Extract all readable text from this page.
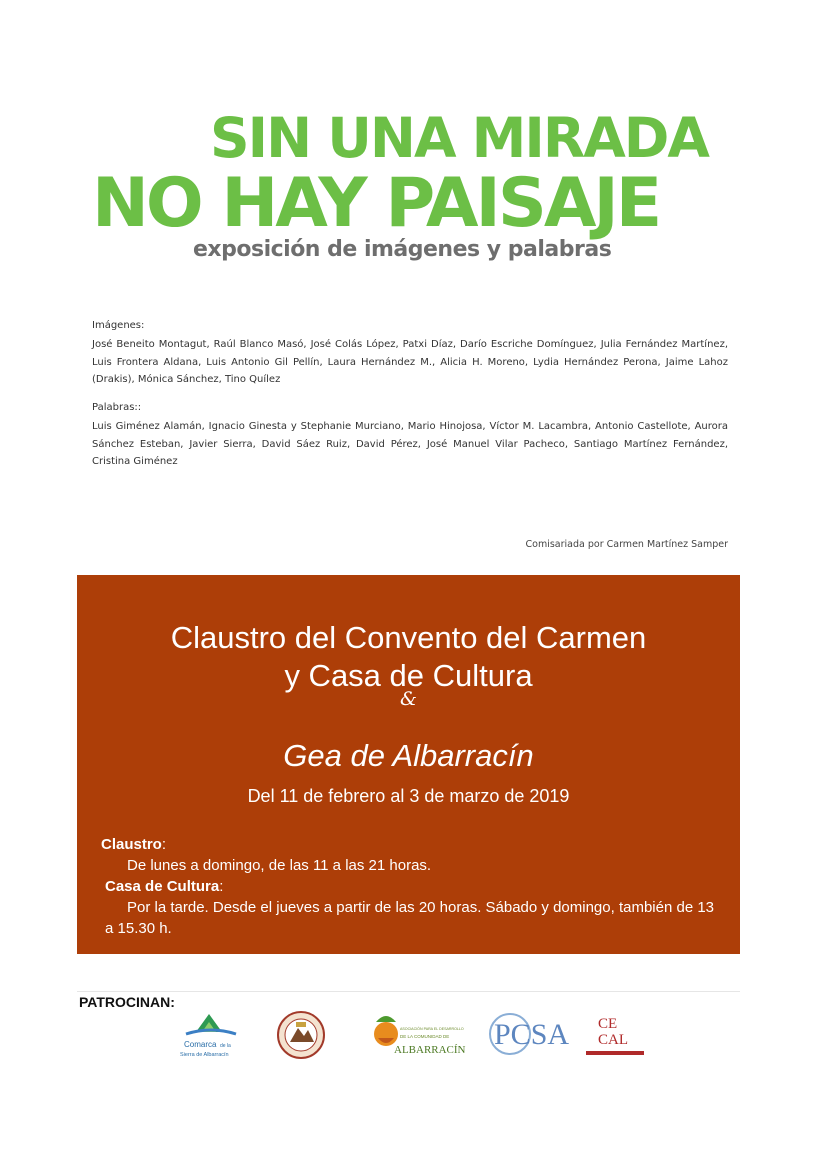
SIN UNA MIRADA
NO HAY PAISAJE
exposición de imágenes y palabras
Imágenes:
José Beneito Montagut, Raúl Blanco Masó, José Colás López, Patxi Díaz, Darío Escriche Domínguez, Julia Fernández Martínez, Luis Frontera Aldana, Luis Antonio Gil Pellín, Laura Hernández M., Alicia H. Moreno, Lydia Hernández Perona, Jaime Lahoz (Drakis), Mónica Sánchez, Tino Quílez
Palabras::
Luis Giménez Alamán, Ignacio Ginesta y Stephanie Murciano, Mario Hinojosa, Víctor M. Lacambra, Antonio Castellote, Aurora Sánchez Esteban, Javier Sierra, David Sáez Ruiz, David Pérez, José Manuel Vilar Pacheco, Santiago Martínez Fernández, Cristina Giménez
Comisariada por Carmen Martínez Samper
Claustro del Convento del Carmen
y Casa de Cultura
&
Gea de Albarracín
Del 11 de febrero al 3 de marzo de 2019
Claustro:
De lunes a domingo, de las 11 a las 21 horas.
Casa de Cultura:
Por la tarde. Desde el jueves a partir de las 20 horas. Sábado y domingo, también de 13
a 15.30 h.
PATROCINAN:
Comarca de la
Sierra de Albarracín
ASOCIACIÓN PARA EL DESARROLLO
DE LA COMUNIDAD DE
ALBARRACÍN PCSA CE
CAL
